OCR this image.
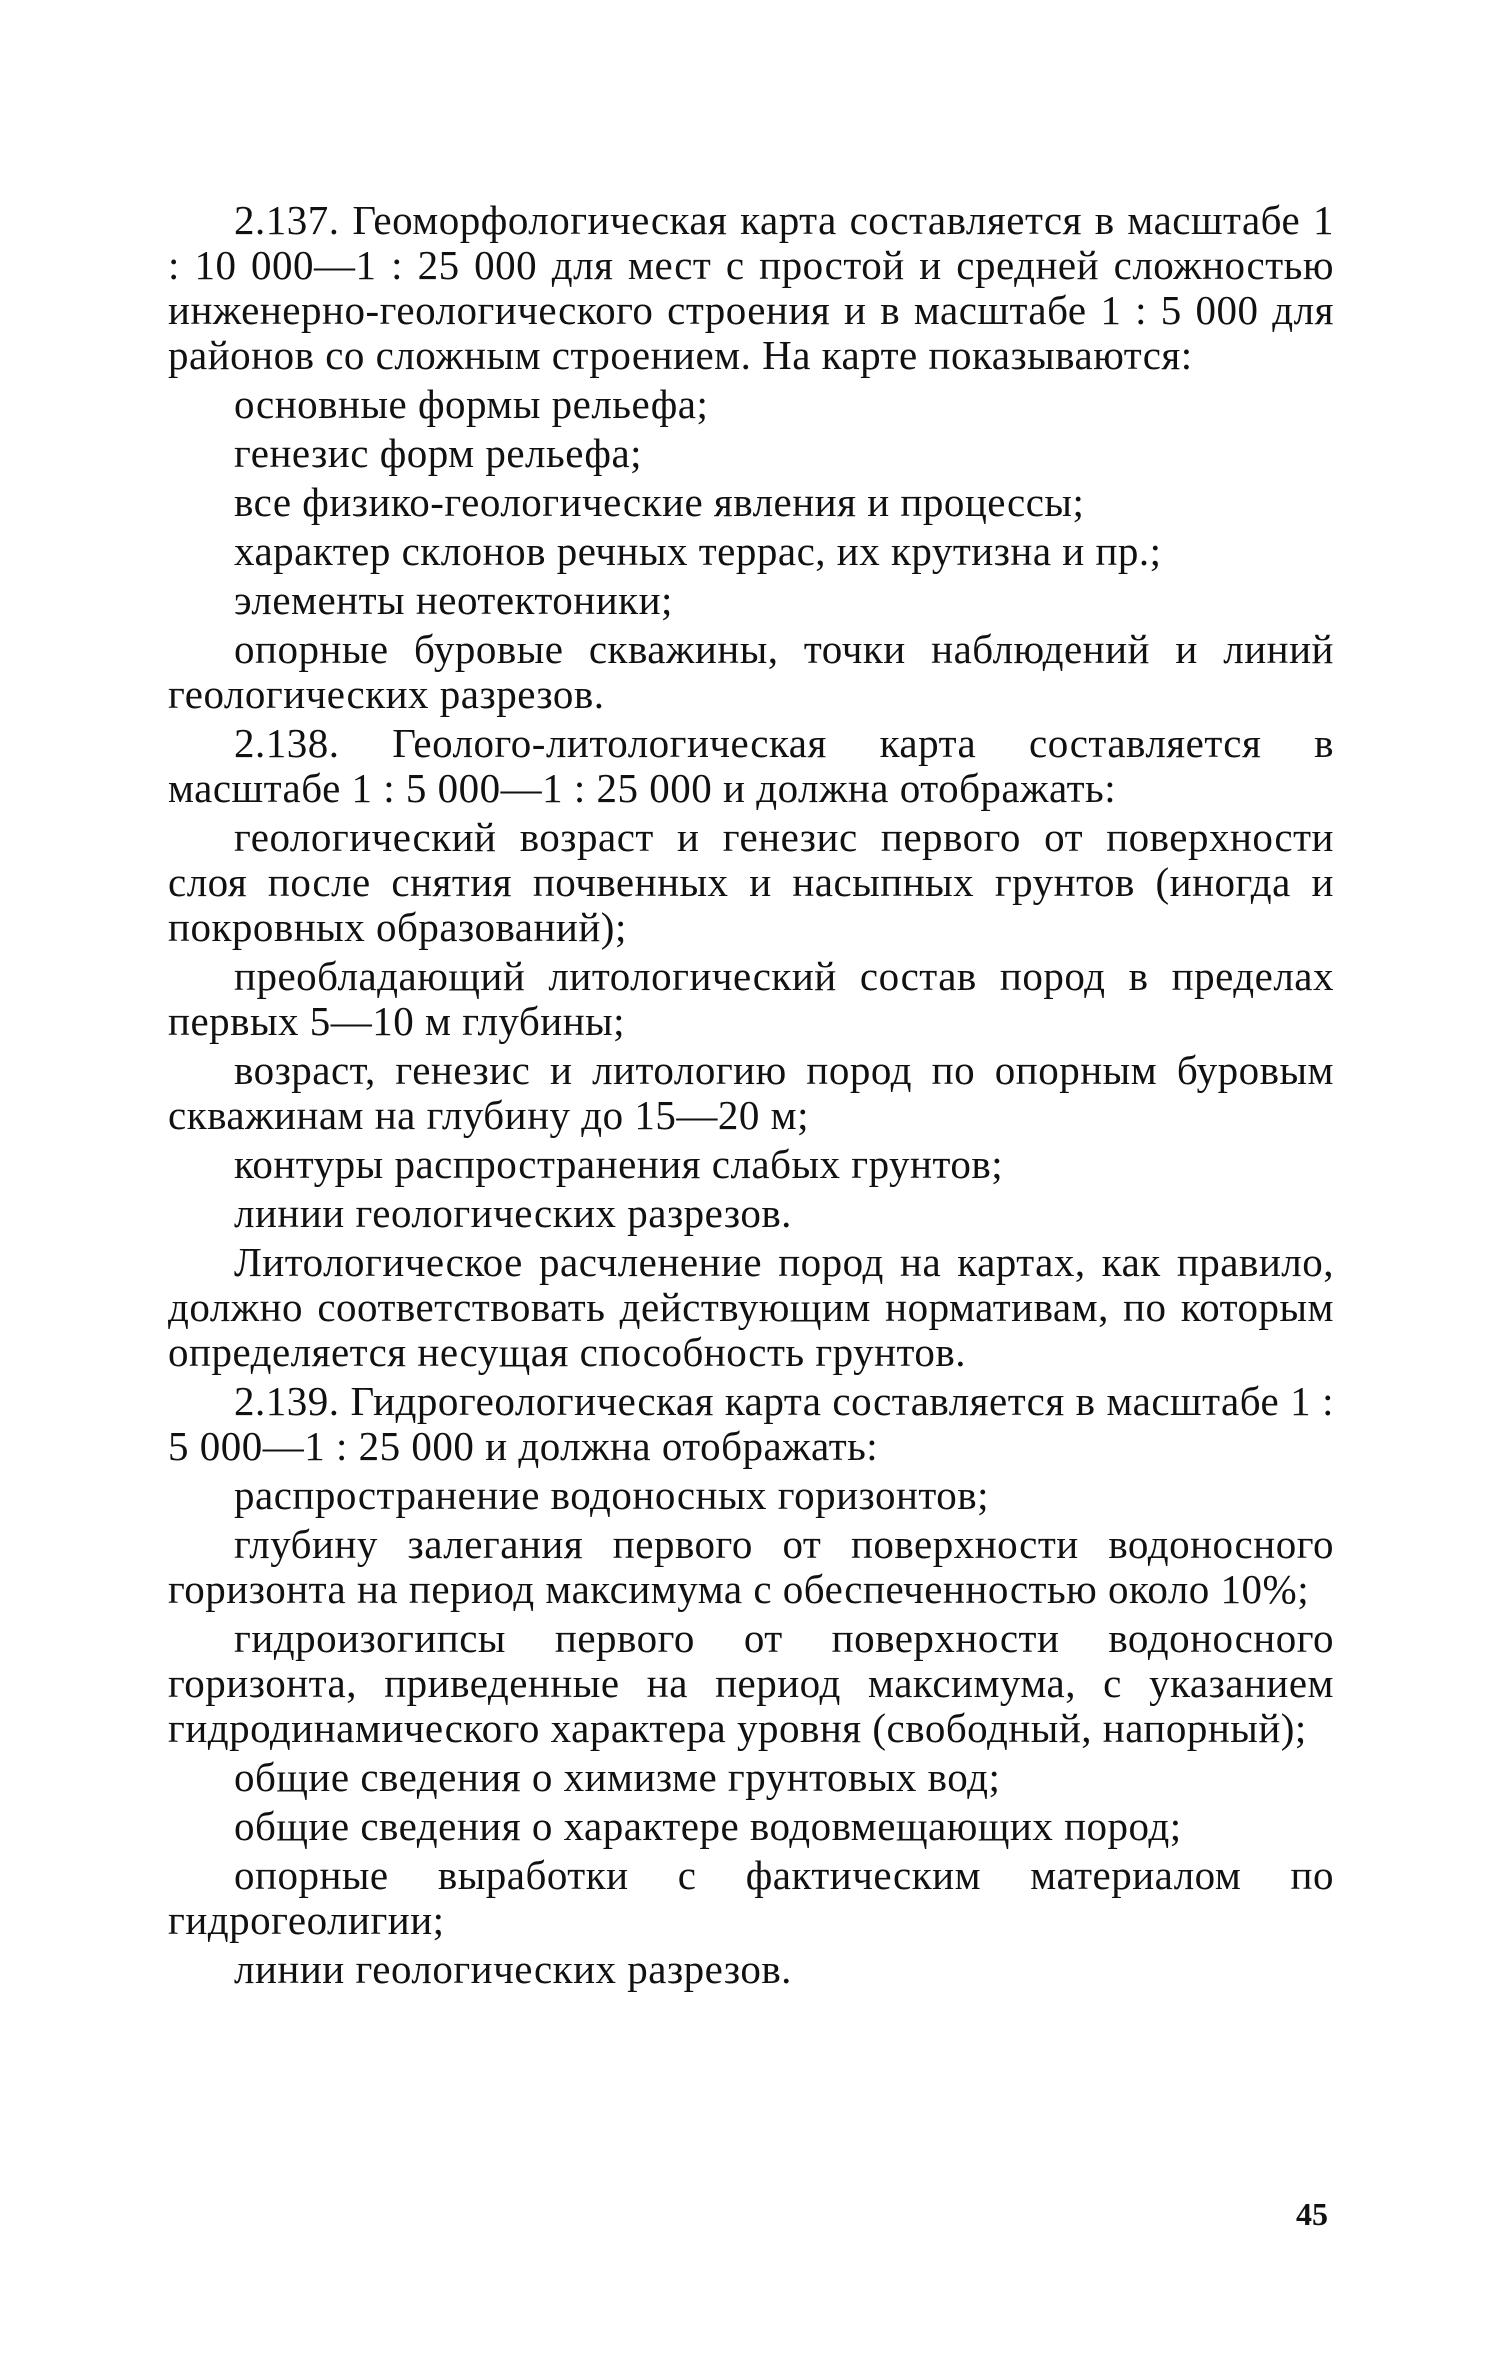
2.137. Геоморфологическая карта составляется в масштабе 1 : 10 000—1 : 25 000 для мест с простой и средней сложностью инженерно-геологического строения и в масштабе 1 : 5 000 для районов со сложным строением. На карте показываются:

основные формы рельефа;

генезис форм рельефа;

все физико-геологические явления и процессы;

характер склонов речных террас, их крутизна и пр.;

элементы неотектоники;

опорные буровые скважины, точки наблюдений и линий геологических разрезов.

2.138. Геолого-литологическая карта составляется в масштабе 1 : 5 000—1 : 25 000 и должна отображать:

геологический возраст и генезис первого от поверхности слоя после снятия почвенных и насыпных грунтов (иногда и покровных образований);

преобладающий литологический состав пород в пределах первых 5—10 м глубины;

возраст, генезис и литологию пород по опорным буровым скважинам на глубину до 15—20 м;

контуры распространения слабых грунтов;

линии геологических разрезов.

Литологическое расчленение пород на картах, как правило, должно соответствовать действующим нормативам, по которым определяется несущая способность грунтов.

2.139. Гидрогеологическая карта составляется в масштабе 1 : 5 000—1 : 25 000 и должна отображать:

распространение водоносных горизонтов;

глубину залегания первого от поверхности водоносного горизонта на период максимума с обеспеченностью около 10%;

гидроизогипсы первого от поверхности водоносного горизонта, приведенные на период максимума, с указанием гидродинамического характера уровня (свободный, напорный);

общие сведения о химизме грунтовых вод;

общие сведения о характере водовмещающих пород;

опорные выработки с фактическим материалом по гидрогеолигии;

линии геологических разрезов.

45
